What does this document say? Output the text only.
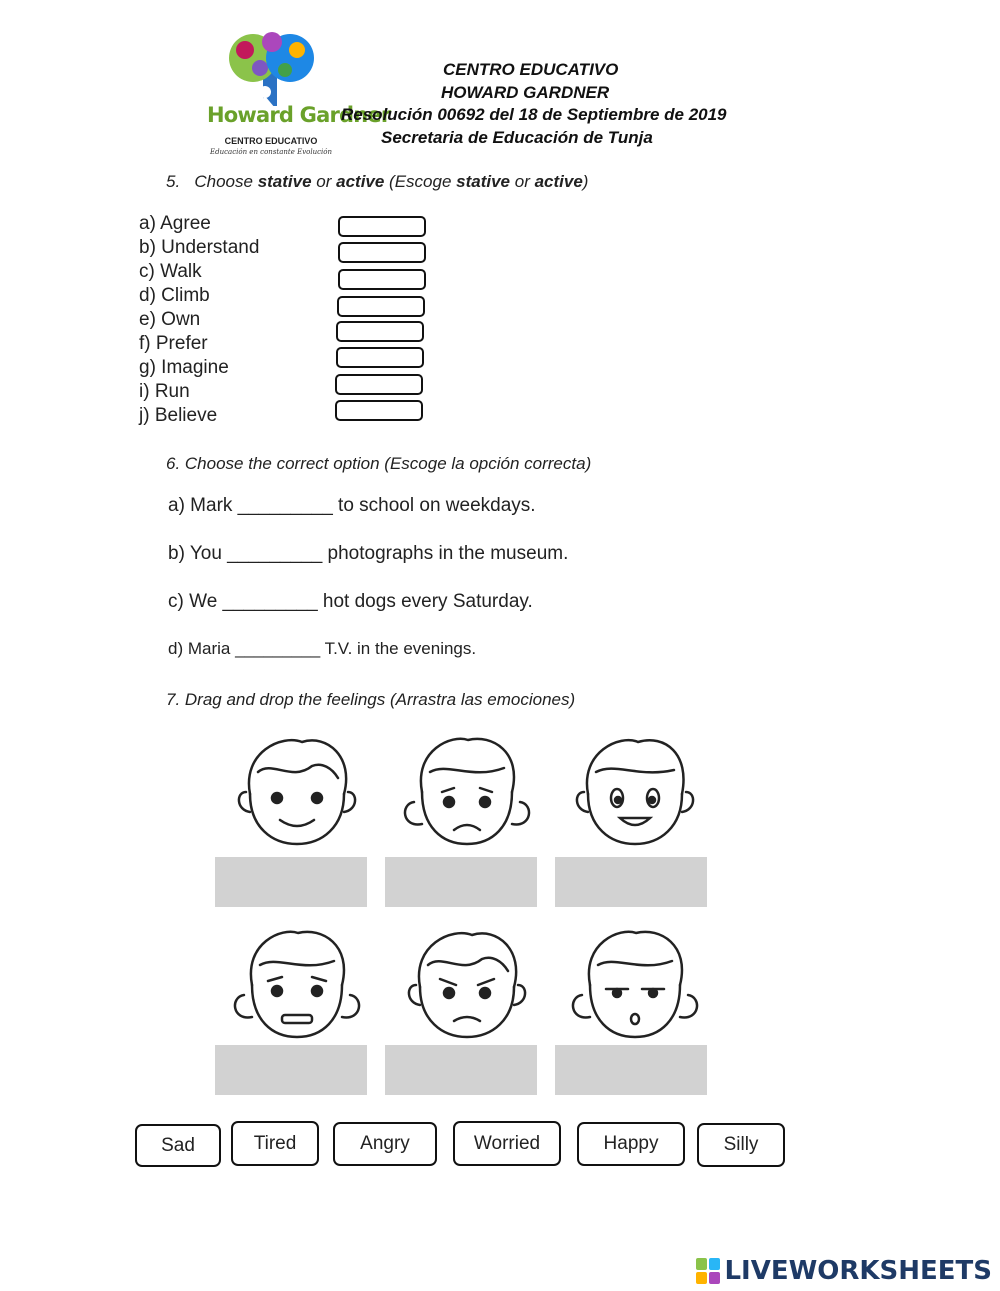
Howard Gardner
CENTRO EDUCATIVO
Educación en constante Evolución
CENTRO EDUCATIVO
HOWARD GARDNER
Resolución 00692 del 18 de Septiembre de 2019
Secretaria de Educación de Tunja
5. Choose stative or active (Escoge stative or active)
a) Agree
b) Understand
c) Walk
d) Climb
e) Own
f) Prefer
g) Imagine
i) Run
j) Believe
6. Choose the correct option (Escoge la opción correcta)
a) Mark _________ to school on weekdays.
b) You _________ photographs in the museum.
c) We _________ hot dogs every Saturday.
d) Maria _________ T.V. in the evenings.
7. Drag and drop the feelings (Arrastra las emociones)
Sad	Tired	Angry	Worried	Happy	Silly
LIVEWORKSHEETS
